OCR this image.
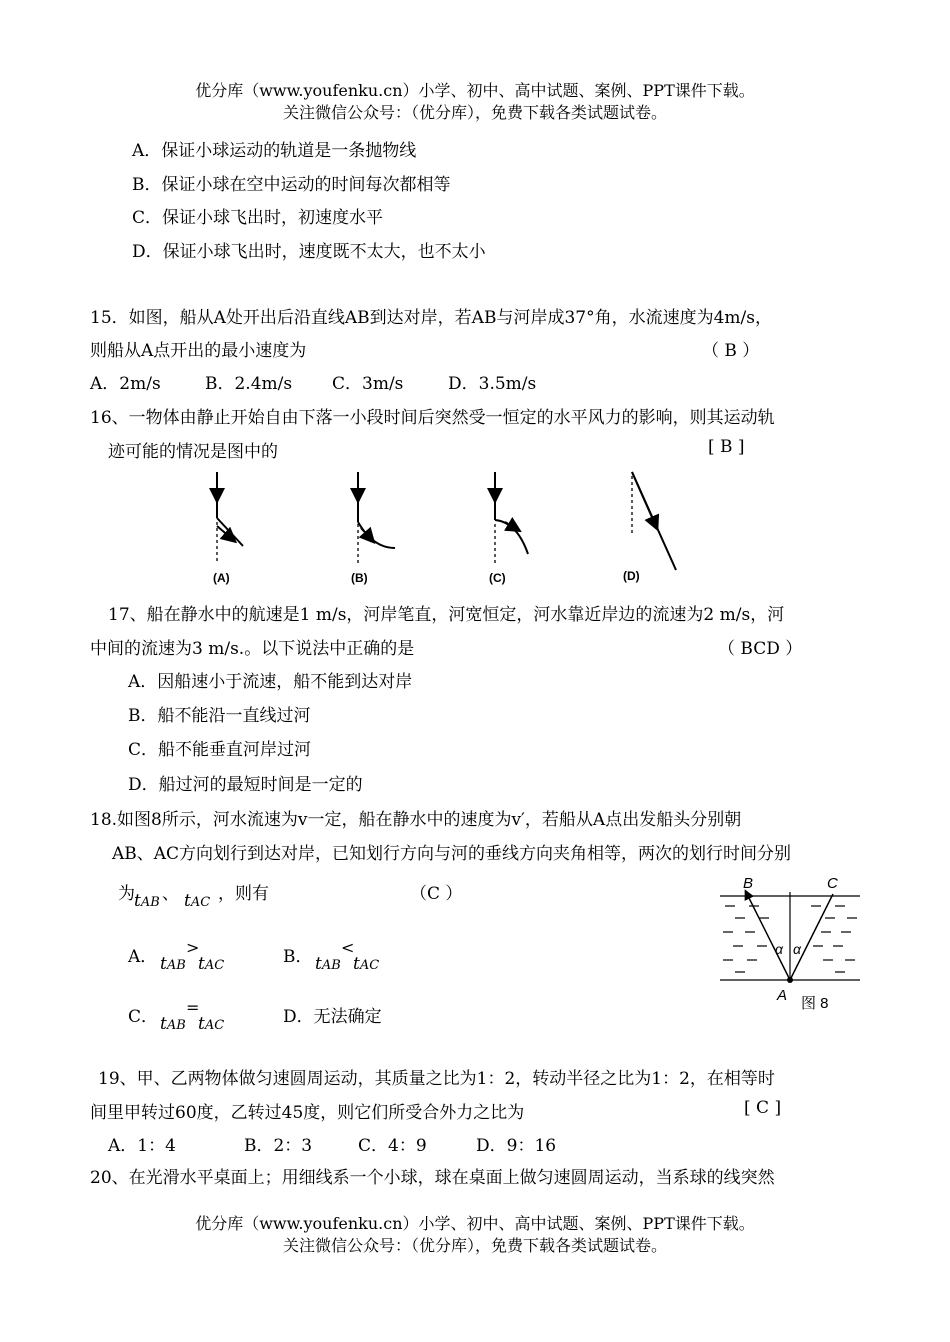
优分库（www.youfenku.cn）小学、初中、高中试题、案例、PPT课件下载。
关注微信公众号：（优分库），免费下载各类试题试卷。
A．保证小球运动的轨道是一条抛物线
B．保证小球在空中运动的时间每次都相等
C．保证小球飞出时，初速度水平
D．保证小球飞出时，速度既不太大，也不太小
15．如图，船从A处开出后沿直线AB到达对岸，若AB与河岸成37°角，水流速度为4m/s，
则船从A点开出的最小速度为	（ B ）
A．2m/s	B．2.4m/s C．3m/s	D．3.5m/s
16、一物体由静止开始自由下落一小段时间后突然受一恒定的水平风力的影响，则其运动轨
迹可能的情况是图中的	[ B ]
(A)	(B)	(C)	(D)
17、船在静水中的航速是1 m/s，河岸笔直，河宽恒定，河水靠近岸边的流速为2 m/s，河
中间的流速为3 m/s.。以下说法中正确的是	（ BCD ）
A．因船速小于流速，船不能到达对岸
B．船不能沿一直线过河
C．船不能垂直河岸过河
D．船过河的最短时间是一定的
18.如图8所示，河水流速为v一定，船在静水中的速度为v′，若船从A点出发船头分别朝
AB、AC方向划行到达对岸，已知划行方向与河的垂线方向夹角相等，两次的划行时间分别
为 tAB 、 tAC ，则有	（C ）
A． >
tAB tAC	B． <
tAB tAC
C． =
tAB tAC	D．无法确定
B	C
α α
A 图 8
19、甲、乙两物体做匀速圆周运动，其质量之比为1：2，转动半径之比为1：2，在相等时
间里甲转过60度，乙转过45度，则它们所受合外力之比为	[ C ]
A．1：4	B．2：3	C．4：9	D．9：16
20、在光滑水平桌面上；用细线系一个小球，球在桌面上做匀速圆周运动，当系球的线突然
优分库（www.youfenku.cn）小学、初中、高中试题、案例、PPT课件下载。
关注微信公众号：（优分库），免费下载各类试题试卷。
